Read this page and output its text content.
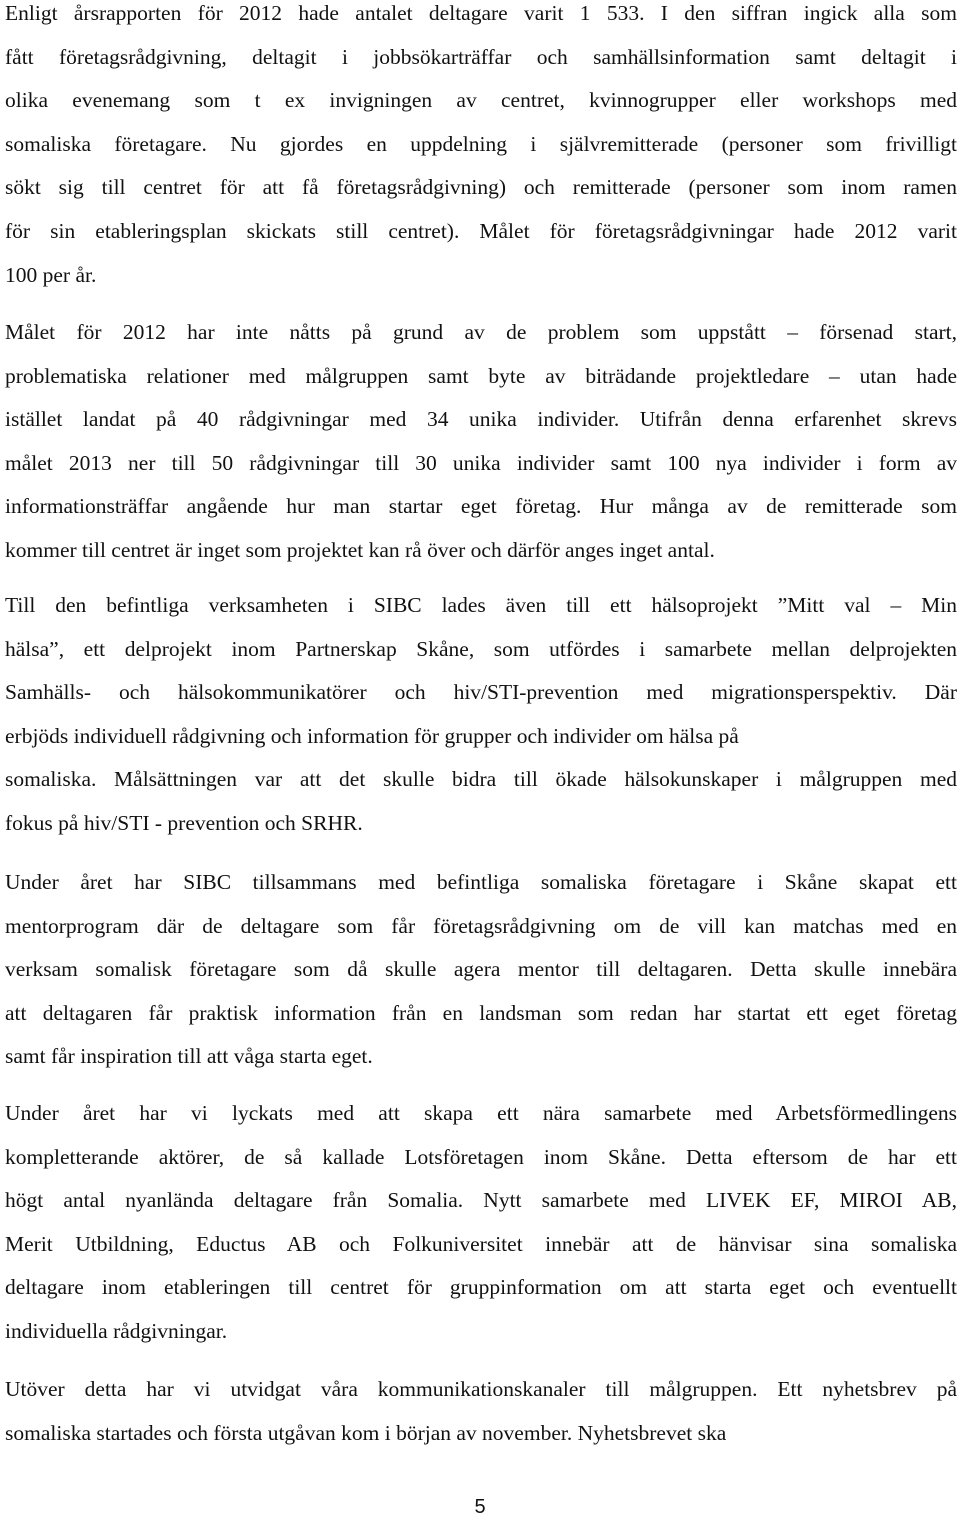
Enligt årsrapporten för 2012 hade antalet deltagare varit 1 533. I den siffran ingick alla som
fått företagsrådgivning, deltagit i jobbsökarträffar och samhällsinformation samt deltagit i
olika evenemang som t ex invigningen av centret, kvinnogrupper eller workshops med
somaliska företagare. Nu gjordes en uppdelning i självremitterade (personer som frivilligt
sökt sig till centret för att få företagsrådgivning) och remitterade (personer som inom ramen
för sin etableringsplan skickats still centret). Målet för företagsrådgivningar hade 2012 varit
100 per år.

Målet för 2012 har inte nåtts på grund av de problem som uppstått – försenad start,
problematiska relationer med målgruppen samt byte av biträdande projektledare – utan hade
istället landat på 40 rådgivningar med 34 unika individer. Utifrån denna erfarenhet skrevs
målet 2013 ner till 50 rådgivningar till 30 unika individer samt 100 nya individer i form av
informationsträffar angående hur man startar eget företag. Hur många av de remitterade som
kommer till centret är inget som projektet kan rå över och därför anges inget antal.

Till den befintliga verksamheten i SIBC lades även till ett hälsoprojekt ”Mitt val – Min
hälsa”, ett delprojekt inom Partnerskap Skåne, som utfördes i samarbete mellan delprojekten
Samhälls- och hälsokommunikatörer och hiv/STI-prevention med migrationsperspektiv. Där
erbjöds individuell rådgivning och information för grupper och individer om hälsa på
somaliska. Målsättningen var att det skulle bidra till ökade hälsokunskaper i målgruppen med
fokus på hiv/STI - prevention och SRHR.

Under året har SIBC tillsammans med befintliga somaliska företagare i Skåne skapat ett
mentorprogram där de deltagare som får företagsrådgivning om de vill kan matchas med en
verksam somalisk företagare som då skulle agera mentor till deltagaren. Detta skulle innebära
att deltagaren får praktisk information från en landsman som redan har startat ett eget företag
samt får inspiration till att våga starta eget.

Under året har vi lyckats med att skapa ett nära samarbete med Arbetsförmedlingens
kompletterande aktörer, de så kallade Lotsföretagen inom Skåne. Detta eftersom de har ett
högt antal nyanlända deltagare från Somalia. Nytt samarbete med LIVEK EF, MIROI AB,
Merit Utbildning, Eductus AB och Folkuniversitet innebär att de hänvisar sina somaliska
deltagare inom etableringen till centret för gruppinformation om att starta eget och eventuellt
individuella rådgivningar.

Utöver detta har vi utvidgat våra kommunikationskanaler till målgruppen. Ett nyhetsbrev på
somaliska startades och första utgåvan kom i början av november. Nyhetsbrevet ska

5
